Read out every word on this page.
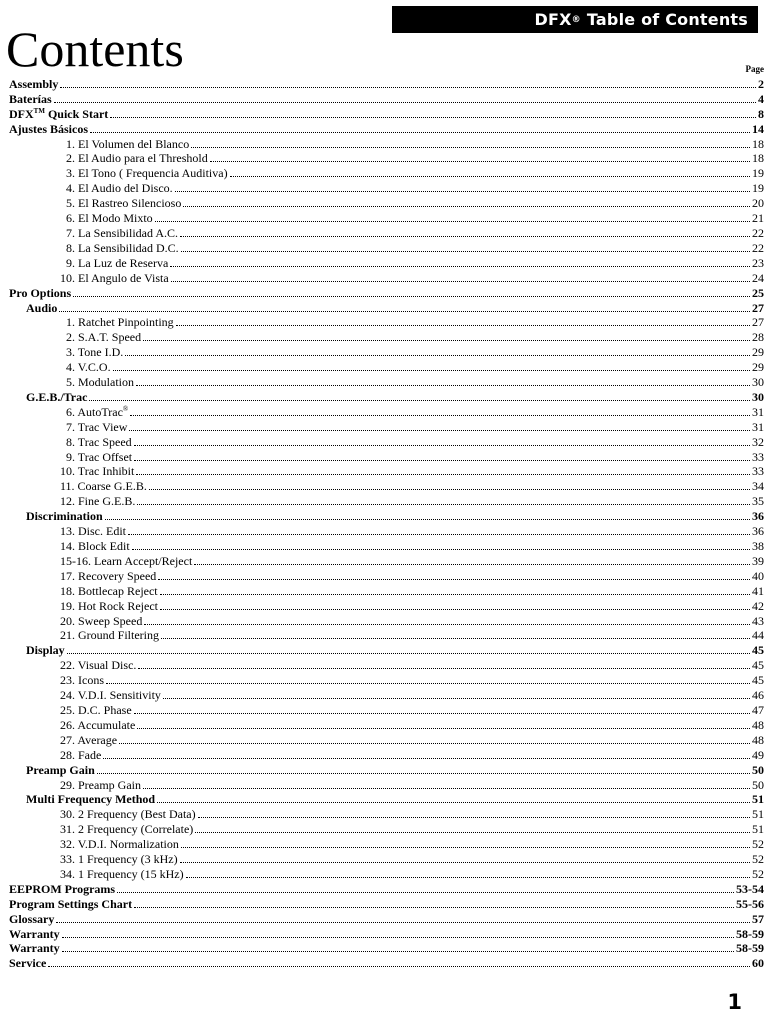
DFX ® Table of Contents
Contents	Page
Assembly	2
Baterías	4
DFX™ Quick Start	8
Ajustes Básicos	14
1. El Volumen del Blanco	18
2. El Audio para el Threshold	18
3. El Tono ( Frequencia Auditiva)	19
4. El Audio del Disco.	19
5. El Rastreo Silencioso	20
6. El Modo Mixto	21
7. La Sensibilidad A.C.	22
8. La Sensibilidad D.C.	22
9. La Luz de Reserva	23
10. El Angulo de Vista	24
Pro Options	25
Audio	27
1. Ratchet Pinpointing	27
2. S.A.T. Speed	28
3. Tone I.D.	29
4. V.C.O.	29
5. Modulation	30
G.E.B./Trac	30
6. AutoTrac®	31
7. Trac View	31
8. Trac Speed	32
9. Trac Offset	33
10. Trac Inhibit	33
11. Coarse G.E.B.	34
12. Fine G.E.B.	35
Discrimination	36
13. Disc. Edit	36
14. Block Edit	38
15-16. Learn Accept/Reject	39
17. Recovery Speed	40
18. Bottlecap Reject	41
19. Hot Rock Reject	42
20. Sweep Speed	43
21. Ground Filtering	44
Display	45
22. Visual Disc.	45
23. Icons	45
24. V.D.I. Sensitivity	46
25. D.C. Phase	47
26. Accumulate	48
27. Average	48
28. Fade	49
Preamp Gain	50
29. Preamp Gain	50
Multi Frequency Method	51
30. 2 Frequency (Best Data)	51
31. 2 Frequency (Correlate)	51
32. V.D.I. Normalization	52
33. 1 Frequency (3 kHz)	52
34. 1 Frequency (15 kHz)	52
EEPROM Programs	53-54
Program Settings Chart	55-56
Glossary	57
Warranty	58-59
Warranty	58-59
Service	60
1
